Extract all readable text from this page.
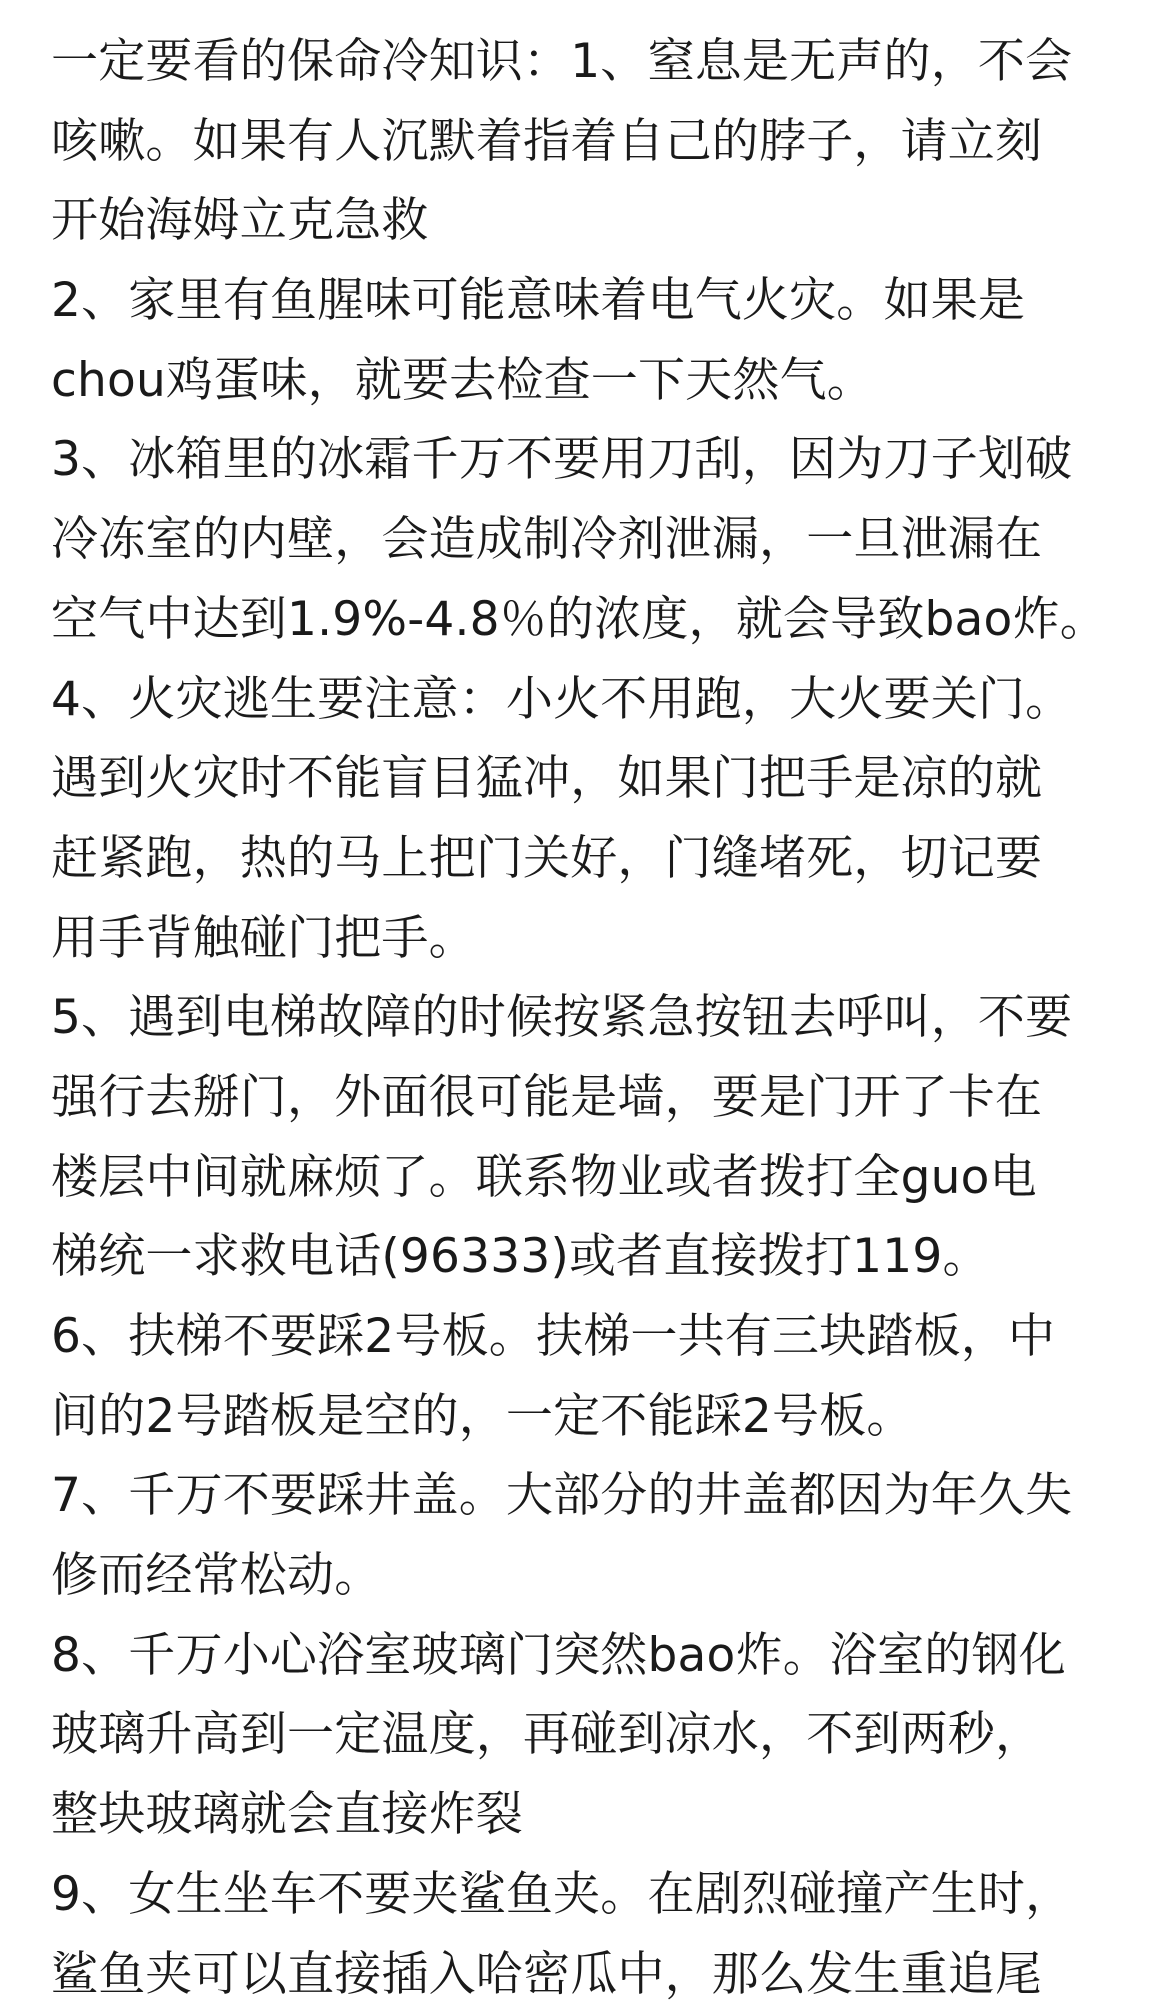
一定要看的保命冷知识：1、窒息是无声的，不会
咳嗽。如果有人沉默着指着自己的脖子，请立刻
开始海姆立克急救
2、家里有鱼腥味可能意味着电气火灾。如果是
chou鸡蛋味，就要去检查一下天然气。
3、冰箱里的冰霜千万不要用刀刮，因为刀子划破
冷冻室的内壁，会造成制冷剂泄漏，一旦泄漏在
空气中达到1.9%-4.8％的浓度，就会导致bao炸。
4、火灾逃生要注意：小火不用跑，大火要关门。
遇到火灾时不能盲目猛冲，如果门把手是凉的就
赶紧跑，热的马上把门关好，门缝堵死，切记要
用手背触碰门把手。
5、遇到电梯故障的时候按紧急按钮去呼叫，不要
强行去掰门，外面很可能是墙，要是门开了卡在
楼层中间就麻烦了。联系物业或者拨打全guo电
梯统一求救电话(96333)或者直接拨打119。
6、扶梯不要踩2号板。扶梯一共有三块踏板，中
间的2号踏板是空的，一定不能踩2号板。
7、千万不要踩井盖。大部分的井盖都因为年久失
修而经常松动。
8、千万小心浴室玻璃门突然bao炸。浴室的钢化
玻璃升高到一定温度，再碰到凉水，不到两秒，
整块玻璃就会直接炸裂
9、女生坐车不要夹鲨鱼夹。在剧烈碰撞产生时，
鲨鱼夹可以直接插入哈密瓜中，那么发生重追尾
